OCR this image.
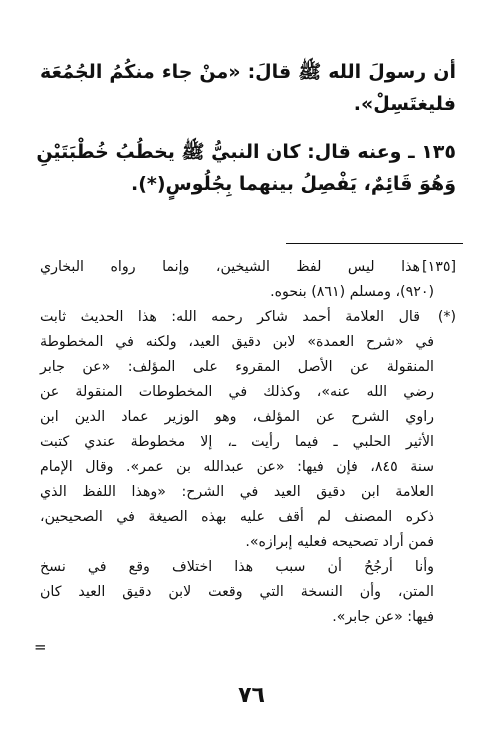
أن رسولَ الله ﷺ قالَ: «منْ جاء منكُمُ الجُمُعَة
فليغتَسِلْ».
١٣٥ ـ وعنه قال: كان النبيُّ ﷺ يخطُبُ خُطْبَتَيْنِ
وَهُوَ قَائِمٌ، يَفْصِلُ بينهما بِجُلُوسٍ(*).
[١٣٥]هذا ليس لفظ الشيخين، وإنما رواه البخاري
(٩٢٠)، ومسلم (٨٦١) بنحوه.
(*)قال العلامة أحمد شاكر رحمه الله: هذا الحديث ثابت
في «شرح العمدة» لابن دقيق العيد، ولكنه في المخطوطة
المنقولة عن الأصل المقروء على المؤلف: «عن جابر
رضي الله عنه»، وكذلك في المخطوطات المنقولة عن
راوي الشرح عن المؤلف، وهو الوزير عماد الدين ابن
الأثير الحلبي ـ فيما رأيت ـ، إلا مخطوطة عندي كتبت
سنة ٨٤٥، فإن فيها: «عن عبدالله بن عمر». وقال الإمام
العلامة ابن دقيق العيد في الشرح: «وهذا اللفظ الذي
ذكره المصنف لم أقف عليه بهذه الصيغة في الصحيحين،
فمن أراد تصحيحه فعليه إبرازه».
وأنا أرجُحُ أن سبب هذا اختلاف وقع في نسخ
المتن، وأن النسخة التي وقعت لابن دقيق العيد كان
فيها: «عن جابر».
=
٧٦
